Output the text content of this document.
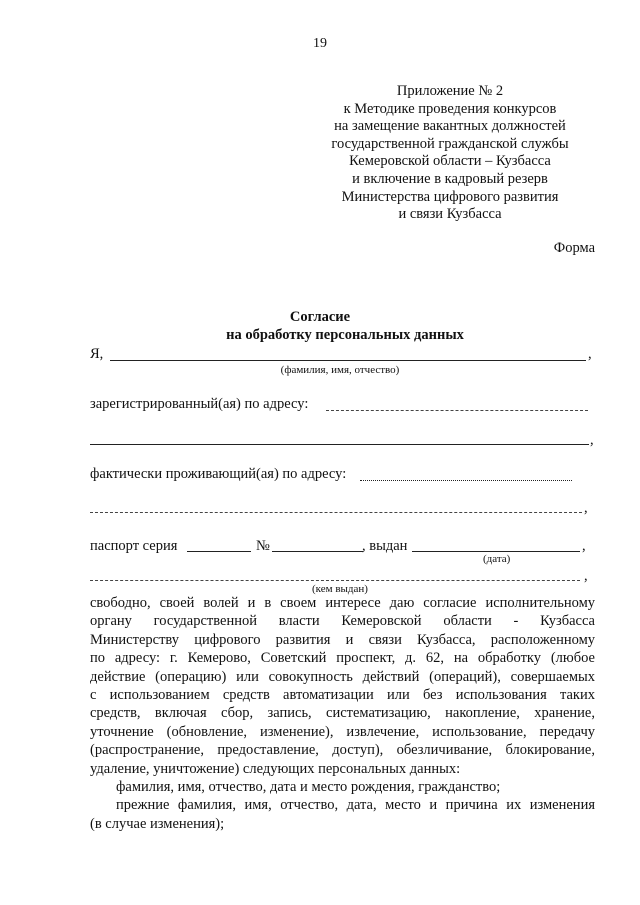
19
Приложение № 2
к Методике проведения конкурсов
на замещение вакантных должностей
государственной гражданской службы
Кемеровской области – Кузбасса
и включение в кадровый резерв
Министерства цифрового развития
и связи Кузбасса
Форма
Согласие
на обработку персональных данных
Я,	,
(фамилия, имя, отчество)
зарегистрированный(ая) по адресу:
,
фактически проживающий(ая) по адресу:
,
паспорт серия	№	, выдан	,
(дата)
,
(кем выдан)

свободно, своей волей и в своем интересе даю согласие исполнительному

органу государственной власти Кемеровской области - Кузбасса

Министерству цифрового развития и связи Кузбасса, расположенному

по адресу: г. Кемерово, Советский проспект, д. 62, на обработку (любое

действие (операцию) или совокупность действий (операций), совершаемых

с использованием средств автоматизации или без использования таких

средств, включая сбор, запись, систематизацию, накопление, хранение,

уточнение (обновление, изменение), извлечение, использование, передачу

(распространение, предоставление, доступ), обезличивание, блокирование,

удаление, уничтожение) следующих персональных данных:

фамилия, имя, отчество, дата и место рождения, гражданство;

прежние фамилия, имя, отчество, дата, место и причина их изменения

(в случае изменения);
